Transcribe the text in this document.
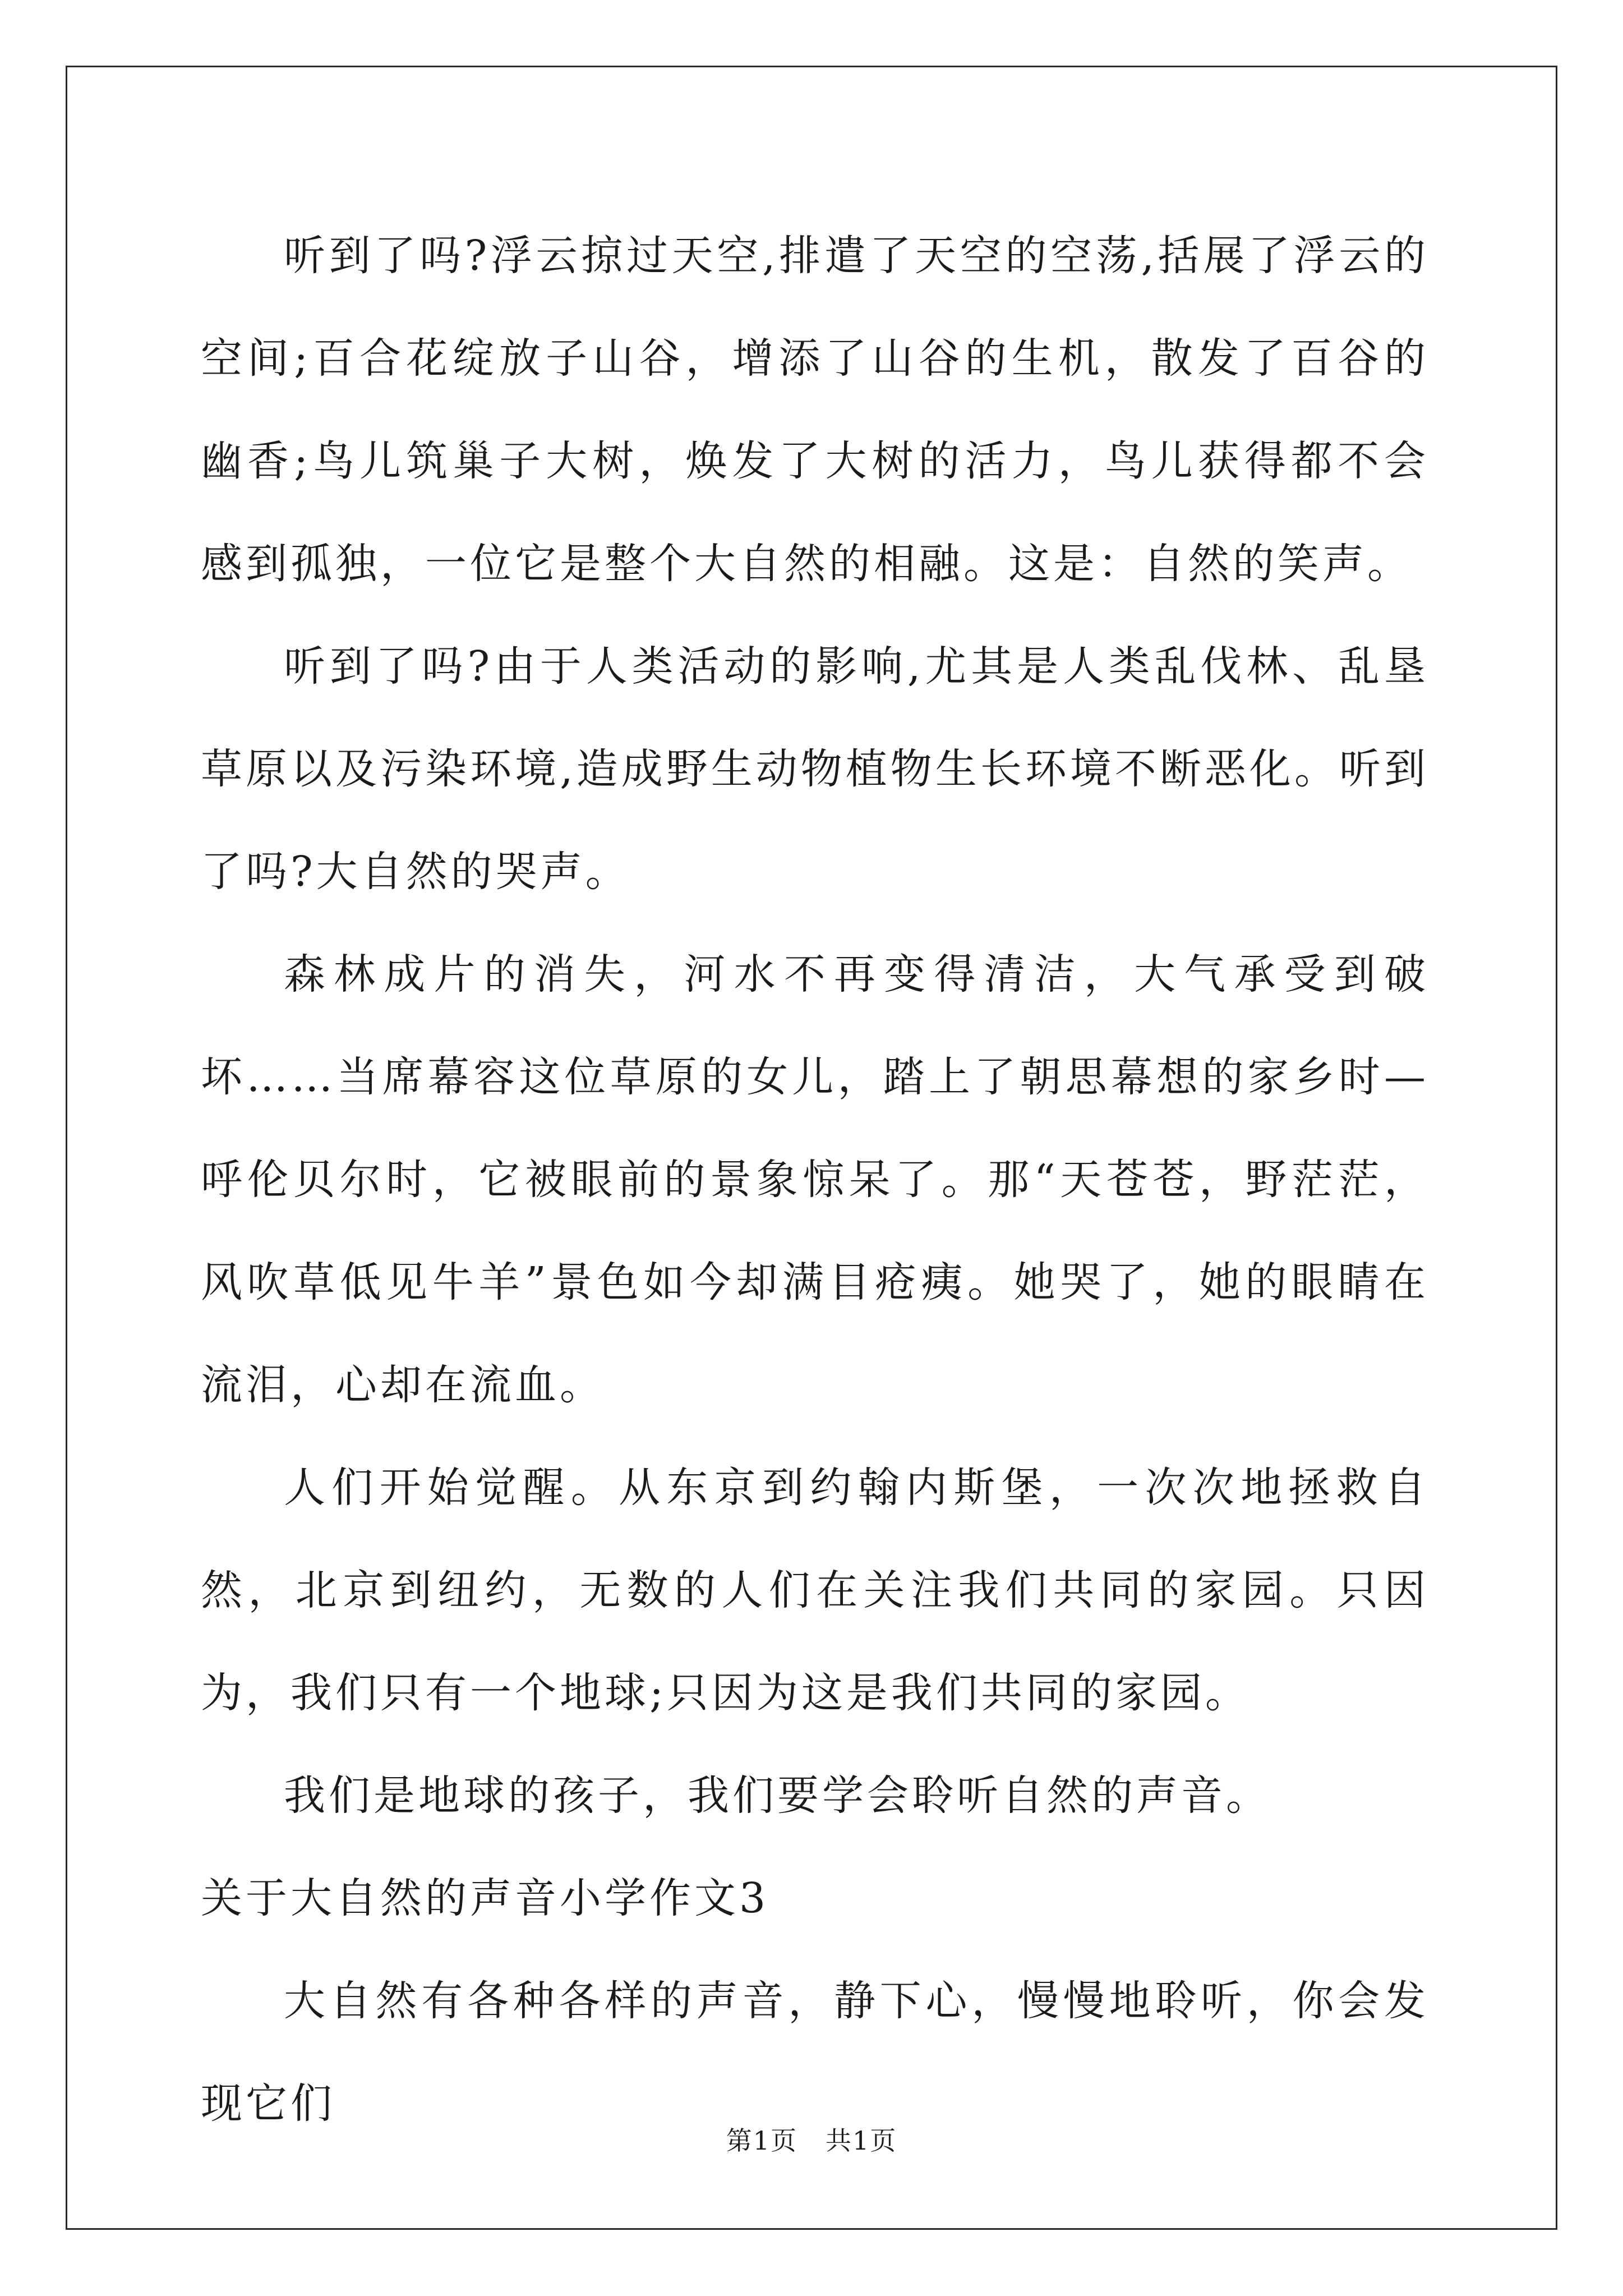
听到了吗?浮云掠过天空,排遣了天空的空荡,括展了浮云的空间;百合花绽放子山谷，增添了山谷的生机，散发了百谷的幽香;鸟儿筑巢子大树，焕发了大树的活力，鸟儿获得都不会感到孤独，一位它是整个大自然的相融。这是：自然的笑声。

听到了吗?由于人类活动的影响,尤其是人类乱伐林、乱垦草原以及污染环境,造成野生动物植物生长环境不断恶化。听到了吗?大自然的哭声。

森林成片的消失，河水不再变得清洁，大气承受到破坏……当席幕容这位草原的女儿，踏上了朝思幕想的家乡时—呼伦贝尔时，它被眼前的景象惊呆了。那“天苍苍，野茫茫，风吹草低见牛羊”景色如今却满目疮痍。她哭了，她的眼睛在流泪，心却在流血。

人们开始觉醒。从东京到约翰内斯堡，一次次地拯救自然，北京到纽约，无数的人们在关注我们共同的家园。只因为，我们只有一个地球;只因为这是我们共同的家园。

我们是地球的孩子，我们要学会聆听自然的声音。

关于大自然的声音小学作文3

大自然有各种各样的声音，静下心，慢慢地聆听，你会发现它们

第1页 共1页
